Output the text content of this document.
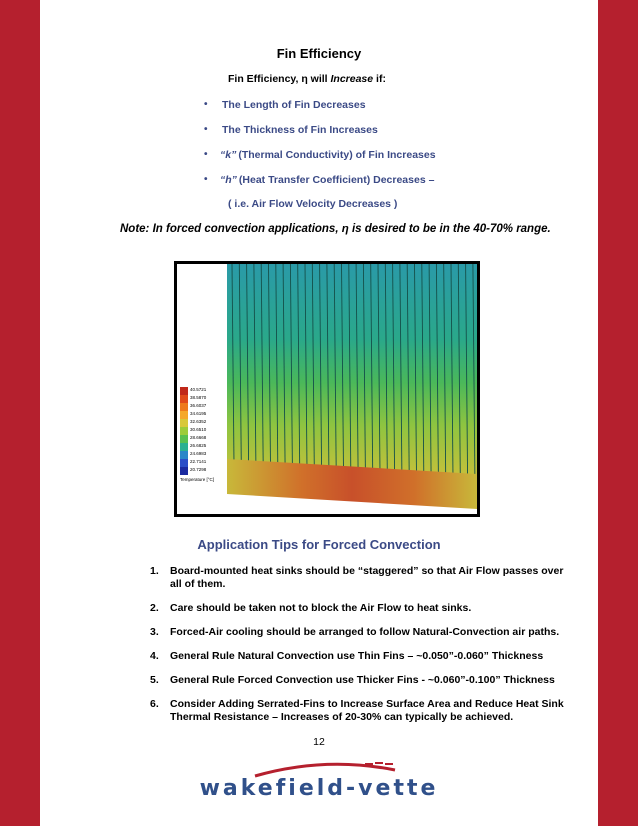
Fin Efficiency
Fin Efficiency, η will Increase if:
•	The Length of Fin Decreases
•	The Thickness of Fin Increases
•	“k” (Thermal Conductivity) of Fin Increases
•	“h” (Heat Transfer Coefficient) Decreases –
( i.e. Air Flow Velocity Decreases )
Note: In forced convection applications, η is desired to be in the 40-70% range.
40.5721
38.5870
36.6037
34.6195
32.6352
30.6510
28.6668
26.6825
24.6983
22.7141
20.7298
Temperature [°C]
Application Tips for Forced Convection
1.	Board-mounted heat sinks should be “staggered” so that Air Flow passes over all of them.
2.	Care should be taken not to block the Air Flow to heat sinks.
3.	Forced-Air cooling should be arranged to follow Natural-Convection air paths.
4.	General Rule Natural Convection use Thin Fins – ~0.050”-0.060” Thickness
5.	General Rule Forced Convection use Thicker Fins - ~0.060”-0.100” Thickness
6.	Consider Adding Serrated-Fins to Increase Surface Area and Reduce Heat Sink Thermal Resistance – Increases of 20-30% can typically be achieved.
12
wakefield-vette
